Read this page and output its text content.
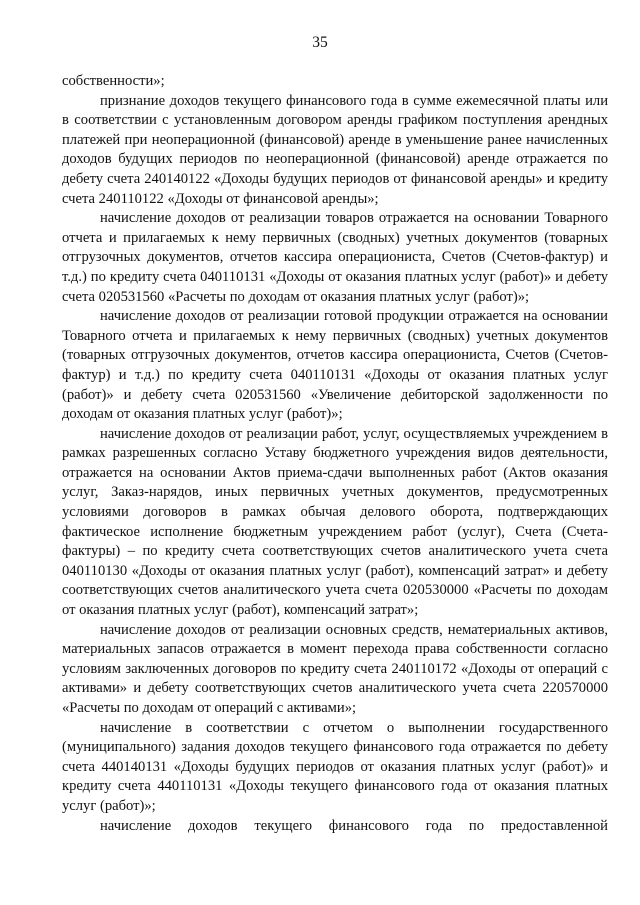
35

собственности»;

признание доходов текущего финансового года в сумме ежемесячной платы или в соответствии с установленным договором аренды графиком поступления арендных платежей при неоперационной (финансовой) аренде в уменьшение ранее начисленных доходов будущих периодов по неоперационной (финансовой) аренде отражается по дебету счета 240140122 «Доходы будущих периодов от финансовой аренды» и кредиту счета 240110122 «Доходы от финансовой аренды»;

начисление доходов от реализации товаров отражается на основании Товарного отчета и прилагаемых к нему первичных (сводных) учетных документов (товарных отгрузочных документов, отчетов кассира операциониста, Счетов (Счетов-фактур) и т.д.) по кредиту счета 040110131 «Доходы от оказания платных услуг (работ)» и дебету счета 020531560 «Расчеты по доходам от оказания платных услуг (работ)»;

начисление доходов от реализации готовой продукции отражается на основании Товарного отчета и прилагаемых к нему первичных (сводных) учетных документов (товарных отгрузочных документов, отчетов кассира операциониста, Счетов (Счетов-фактур) и т.д.) по кредиту счета 040110131 «Доходы от оказания платных услуг (работ)» и дебету счета 020531560 «Увеличение дебиторской задолженности по доходам от оказания платных услуг (работ)»;

начисление доходов от реализации работ, услуг, осуществляемых учреждением в рамках разрешенных согласно Уставу бюджетного учреждения видов деятельности, отражается на основании Актов приема-сдачи выполненных работ (Актов оказания услуг, Заказ-нарядов, иных первичных учетных документов, предусмотренных условиями договоров в рамках обычая делового оборота, подтверждающих фактическое исполнение бюджетным учреждением работ (услуг), Счета (Счета-фактуры) – по кредиту счета соответствующих счетов аналитического учета счета 040110130 «Доходы от оказания платных услуг (работ), компенсаций затрат» и дебету соответствующих счетов аналитического учета счета 020530000 «Расчеты по доходам от оказания платных услуг (работ), компенсаций затрат»;

начисление доходов от реализации основных средств, нематериальных активов, материальных запасов отражается в момент перехода права собственности согласно условиям заключенных договоров по кредиту счета 240110172 «Доходы от операций с активами» и дебету соответствующих счетов аналитического учета счета 220570000 «Расчеты по доходам от операций с активами»;

начисление в соответствии с отчетом о выполнении государственного (муниципального) задания доходов текущего финансового года отражается по дебету счета 440140131 «Доходы будущих периодов от оказания платных услуг (работ)» и кредиту счета 440110131 «Доходы текущего финансового года от оказания платных услуг (работ)»;

начисление доходов текущего финансового года по предоставленной
